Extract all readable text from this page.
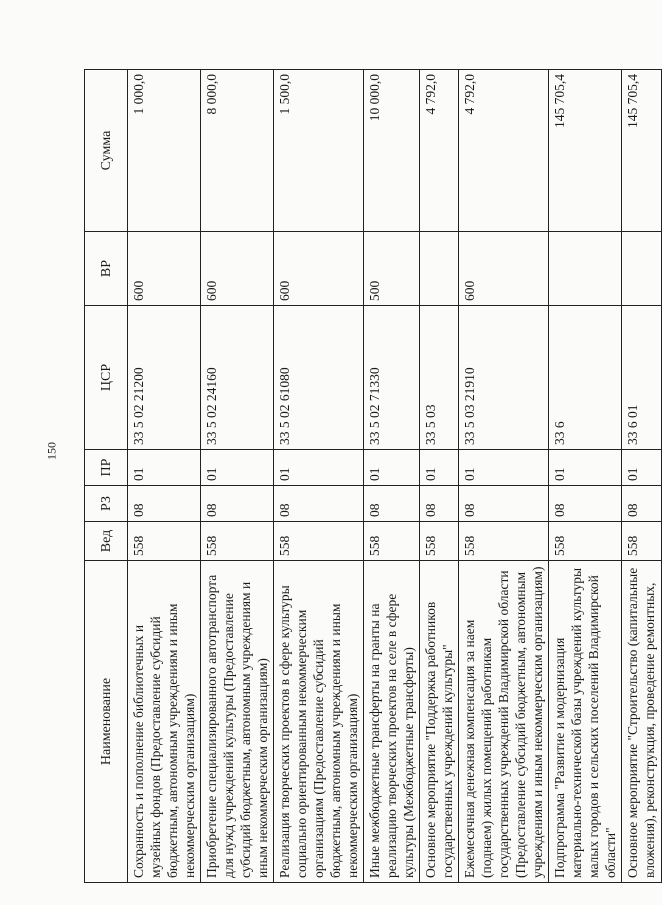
150
Наименование	Вед	РЗ	ПР	ЦСР	ВР	Сумма
Сохранность и пополнение библиотечных и музейных фондов (Предоставление субсидий бюджетным, автономным учреждениям и иным некоммерческим организациям)	558	08	01	33 5 02 21200	600	1 000,0
Приобретение специализированного автотранспорта для нужд учреждений культуры (Предоставление субсидий бюджетным, автономным учреждениям и иным некоммерческим организациям)	558	08	01	33 5 02 24160	600	8 000,0
Реализация творческих проектов в сфере культуры социально ориентированным некоммерческим организациям (Предоставление субсидий бюджетным, автономным учреждениям и иным некоммерческим организациям)	558	08	01	33 5 02 61080	600	1 500,0
Иные межбюджетные трансферты на гранты на реализацию творческих проектов на селе в сфере культуры (Межбюджетные трансферты)	558	08	01	33 5 02 71330	500	10 000,0
Основное мероприятие "Поддержка работников государственных учреждений культуры"	558	08	01	33 5 03		4 792,0
Ежемесячная денежная компенсация за наем (поднаем) жилых помещений работникам государственных учреждений Владимирской области (Предоставление субсидий бюджетным, автономным учреждениям и иным некоммерческим организациям)	558	08	01	33 5 03 21910	600	4 792,0
Подпрограмма "Развитие и модернизация материально-технической базы учреждений культуры малых городов и сельских поселений Владимирской области"	558	08	01	33 6		145 705,4
Основное мероприятие "Строительство (капитальные вложения), реконструкция, проведение ремонтных,	558	08	01	33 6 01		145 705,4
